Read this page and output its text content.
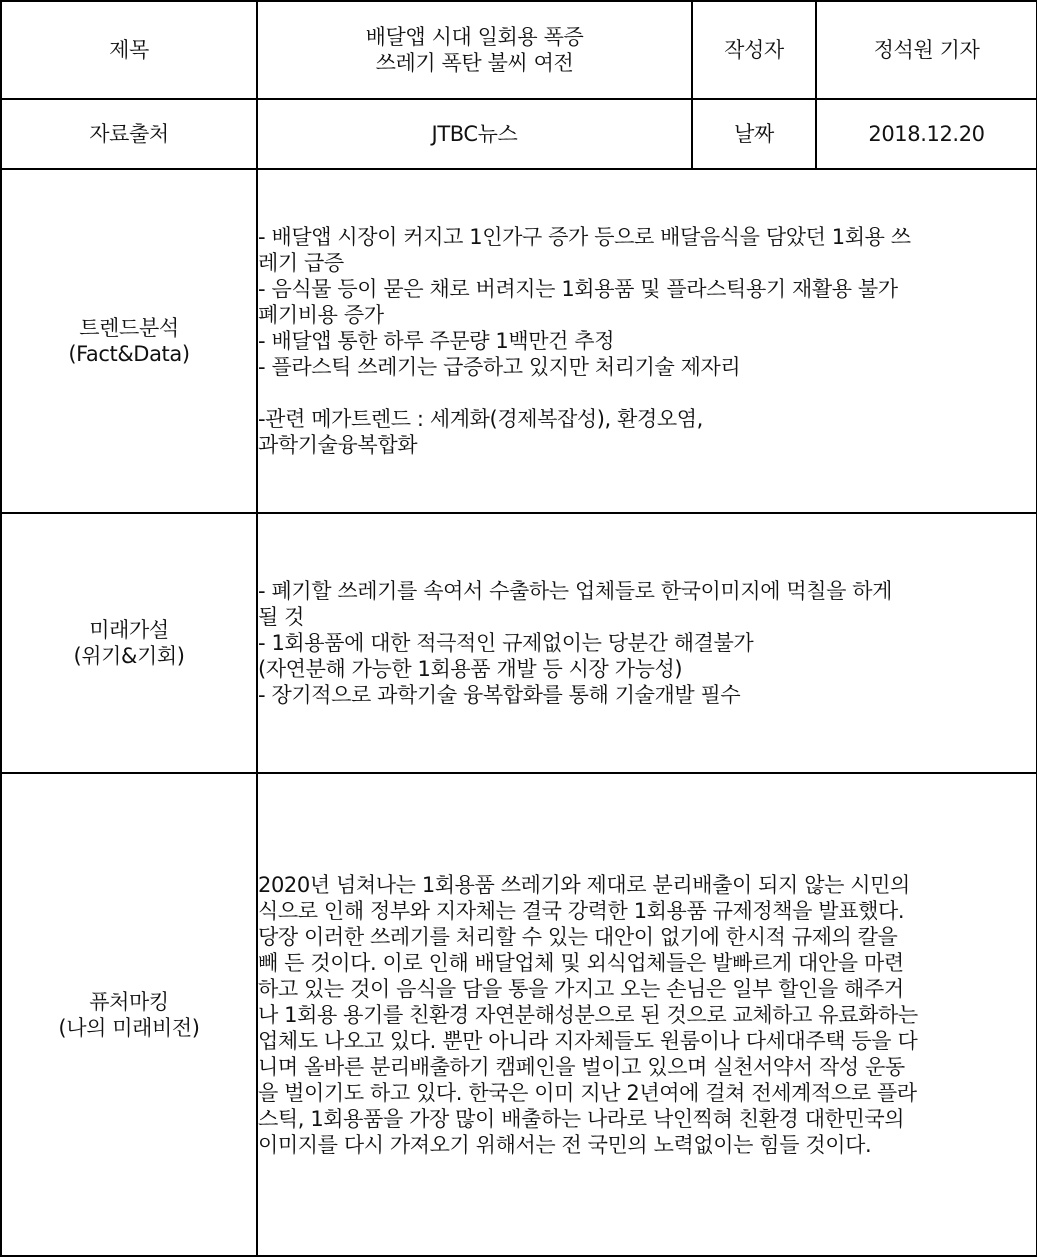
제목	배달앱 시대 일회용 폭증
쓰레기 폭탄 불씨 여전	작성자	정석원 기자
자료출처	JTBC뉴스	날짜	2018.12.20

트렌드분석
(Fact&Data)

- 배달앱 시장이 커지고 1인가구 증가 등으로 배달음식을 담았던 1회용 쓰
레기 급증
- 음식물 등이 묻은 채로 버려지는 1회용품 및 플라스틱용기 재활용 불가
폐기비용 증가
- 배달앱 통한 하루 주문량 1백만건 추정
- 플라스틱 쓰레기는 급증하고 있지만 처리기술 제자리
-관련 메가트렌드 : 세계화(경제복잡성), 환경오염,
과학기술융복합화

미래가설
(위기&기회)	- 폐기할 쓰레기를 속여서 수출하는 업체들로 한국이미지에 먹칠을 하게
될 것
- 1회용품에 대한 적극적인 규제없이는 당분간 해결불가
(자연분해 가능한 1회용품 개발 등 시장 가능성)
- 장기적으로 과학기술 융복합화를 통해 기술개발 필수		

퓨처마킹
(나의 미래비전)

2020년 넘쳐나는 1회용품 쓰레기와 제대로 분리배출이 되지 않는 시민의
식으로 인해 정부와 지자체는 결국 강력한 1회용품 규제정책을 발표했다.
당장 이러한 쓰레기를 처리할 수 있는 대안이 없기에 한시적 규제의 칼을
빼 든 것이다. 이로 인해 배달업체 및 외식업체들은 발빠르게 대안을 마련
하고 있는 것이 음식을 담을 통을 가지고 오는 손님은 일부 할인을 해주거
나 1회용 용기를 친환경 자연분해성분으로 된 것으로 교체하고 유료화하는
업체도 나오고 있다. 뿐만 아니라 지자체들도 원룸이나 다세대주택 등을 다
니며 올바른 분리배출하기 캠페인을 벌이고 있으며 실천서약서 작성 운동
을 벌이기도 하고 있다. 한국은 이미 지난 2년여에 걸쳐 전세계적으로 플라
스틱, 1회용품을 가장 많이 배출하는 나라로 낙인찍혀 친환경 대한민국의
이미지를 다시 가져오기 위해서는 전 국민의 노력없이는 힘들 것이다.
